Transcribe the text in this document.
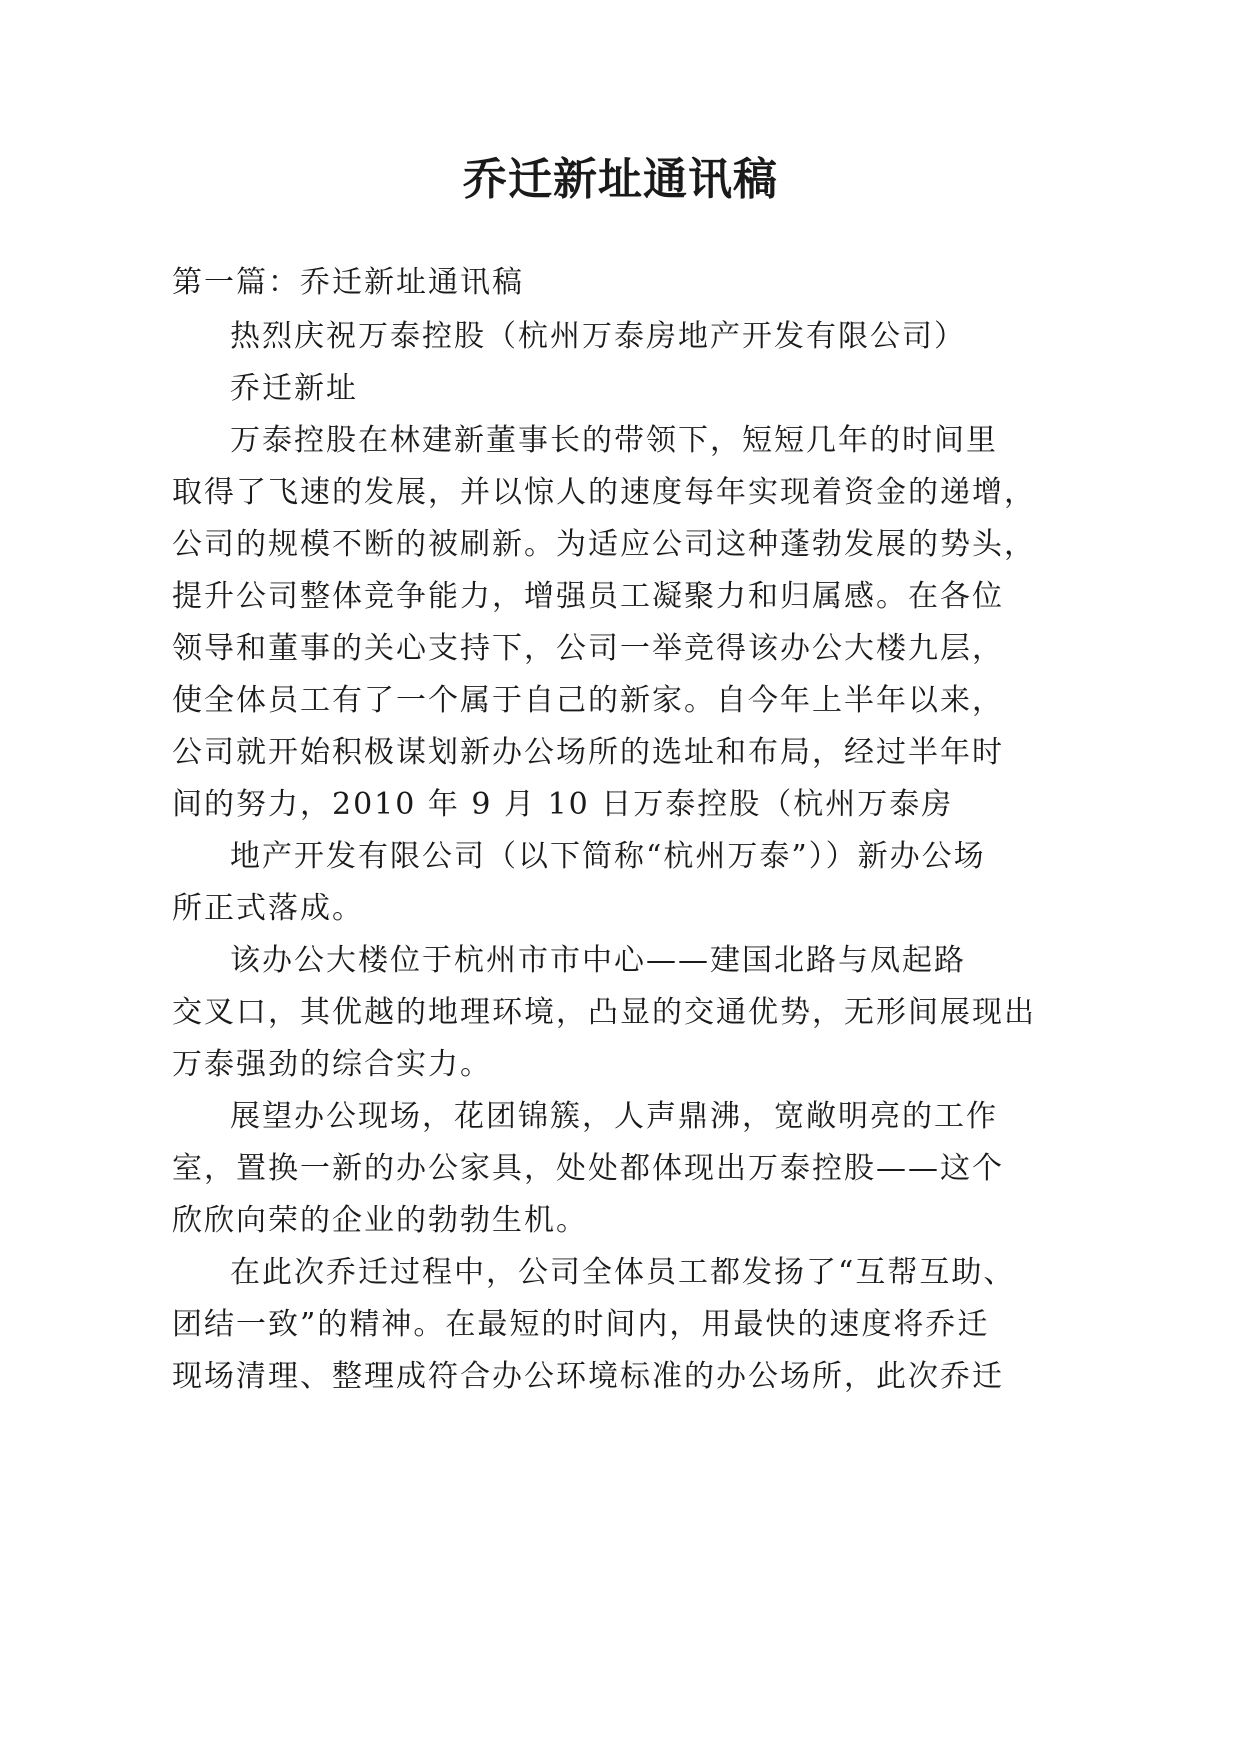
乔迁新址通讯稿
第一篇：乔迁新址通讯稿
热烈庆祝万泰控股（杭州万泰房地产开发有限公司）
乔迁新址
万泰控股在林建新董事长的带领下，短短几年的时间里
取得了飞速的发展，并以惊人的速度每年实现着资金的递增，
公司的规模不断的被刷新。为适应公司这种蓬勃发展的势头，
提升公司整体竞争能力，增强员工凝聚力和归属感。在各位
领导和董事的关心支持下，公司一举竞得该办公大楼九层，
使全体员工有了一个属于自己的新家。自今年上半年以来，
公司就开始积极谋划新办公场所的选址和布局，经过半年时
间的努力，2010 年 9 月 10 日万泰控股（杭州万泰房
地产开发有限公司（以下简称“杭州万泰”））新办公场
所正式落成。
该办公大楼位于杭州市市中心——建国北路与凤起路
交叉口，其优越的地理环境，凸显的交通优势，无形间展现出
万泰强劲的综合实力。
展望办公现场，花团锦簇，人声鼎沸，宽敞明亮的工作
室，置换一新的办公家具，处处都体现出万泰控股——这个
欣欣向荣的企业的勃勃生机。
在此次乔迁过程中，公司全体员工都发扬了“互帮互助、
团结一致”的精神。在最短的时间内，用最快的速度将乔迁
现场清理、整理成符合办公环境标准的办公场所，此次乔迁
